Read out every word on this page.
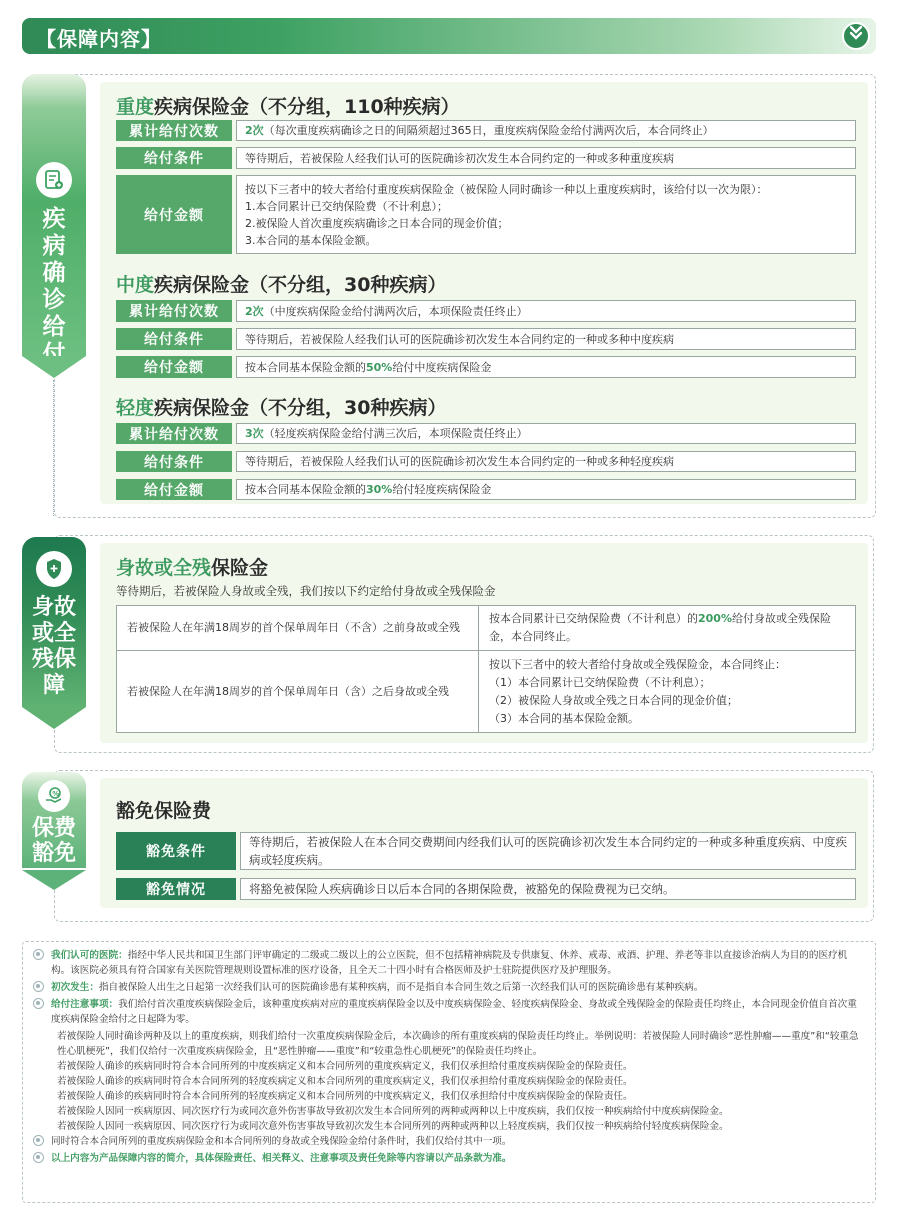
【保障内容】
疾病确诊给付
重度疾病保险金（不分组，110种疾病）
累计给付次数	2次 （每次重度疾病确诊之日的间隔须超过365日，重度疾病保险金给付满两次后，本合同终止）
给付条件	等待期后，若被保险人经我们认可的医院确诊初次发生本合同约定的一种或多种重度疾病
给付金额
按以下三者中的较大者给付重度疾病保险金（被保险人同时确诊一种以上重度疾病时，该给付以一次为限）：
1.本合同累计已交纳保险费（不计利息）；
2.被保险人首次重度疾病确诊之日本合同的现金价值；
3.本合同的基本保险金额。
中度疾病保险金（不分组，30种疾病）
累计给付次数	2次 （中度疾病保险金给付满两次后，本项保险责任终止）
给付条件	等待期后，若被保险人经我们认可的医院确诊初次发生本合同约定的一种或多种中度疾病
给付金额	按本合同基本保险金额的 50% 给付中度疾病保险金
轻度疾病保险金（不分组，30种疾病）
累计给付次数	3次 （轻度疾病保险金给付满三次后，本项保险责任终止）
给付条件	等待期后，若被保险人经我们认可的医院确诊初次发生本合同约定的一种或多种轻度疾病
给付金额	按本合同基本保险金额的 30% 给付轻度疾病保险金
身故或全残保障
身故或全残保险金
等待期后，若被保险人身故或全残，我们按以下约定给付身故或全残保险金
若被保险人在年满18周岁的首个保单周年日（不含）之前身故或全残	按本合同累计已交纳保险费（不计利息）的200%给付身故或全残保险金，本合同终止。
若被保险人在年满18周岁的首个保单周年日（含）之后身故或全残	按以下三者中的较大者给付身故或全残保险金，本合同终止：
（1）本合同累计已交纳保险费（不计利息）；
（2）被保险人身故或全残之日本合同的现金价值；
（3）本合同的基本保险金额。
%
保费豁免
豁免保险费
豁免条件
等待期后，若被保险人在本合同交费期间内经我们认可的医院确诊初次发生本合同约定的一种或多种重度疾病、中度疾病或轻度疾病。
豁免情况	将豁免被保险人疾病确诊日以后本合同的各期保险费，被豁免的保险费视为已交纳。
我们认可的医院：指经中华人民共和国卫生部门评审确定的二级或二级以上的公立医院，但不包括精神病院及专供康复、休养、戒毒、戒酒、护理、养老等非以直接诊治病人为目的的医疗机构。该医院必须具有符合国家有关医院管理规则设置标准的医疗设备，且全天二十四小时有合格医师及护士驻院提供医疗及护理服务。
初次发生：指自被保险人出生之日起第一次经我们认可的医院确诊患有某种疾病，而不是指自本合同生效之后第一次经我们认可的医院确诊患有某种疾病。
给付注意事项：我们给付首次重度疾病保险金后，该种重度疾病对应的重度疾病保险金以及中度疾病保险金、轻度疾病保险金、身故或全残保险金的保险责任均终止，本合同现金价值自首次重度疾病保险金给付之日起降为零。
若被保险人同时确诊两种及以上的重度疾病，则我们给付一次重度疾病保险金后，本次确诊的所有重度疾病的保险责任均终止。举例说明：若被保险人同时确诊“恶性肿瘤——重度”和“较重急性心肌梗死”，我们仅给付一次重度疾病保险金，且“恶性肿瘤——重度”和“较重急性心肌梗死”的保险责任均终止。
若被保险人确诊的疾病同时符合本合同所列的中度疾病定义和本合同所列的重度疾病定义，我们仅承担给付重度疾病保险金的保险责任。
若被保险人确诊的疾病同时符合本合同所列的轻度疾病定义和本合同所列的重度疾病定义，我们仅承担给付重度疾病保险金的保险责任。
若被保险人确诊的疾病同时符合本合同所列的轻度疾病定义和本合同所列的中度疾病定义，我们仅承担给付中度疾病保险金的保险责任。
若被保险人因同一疾病原因、同次医疗行为或同次意外伤害事故导致初次发生本合同所列的两种或两种以上中度疾病，我们仅按一种疾病给付中度疾病保险金。
若被保险人因同一疾病原因、同次医疗行为或同次意外伤害事故导致初次发生本合同所列的两种或两种以上轻度疾病，我们仅按一种疾病给付轻度疾病保险金。
同时符合本合同所列的重度疾病保险金和本合同所列的身故或全残保险金给付条件时，我们仅给付其中一项。
以上内容为产品保障内容的简介，具体保险责任、相关释义、注意事项及责任免除等内容请以产品条款为准。
